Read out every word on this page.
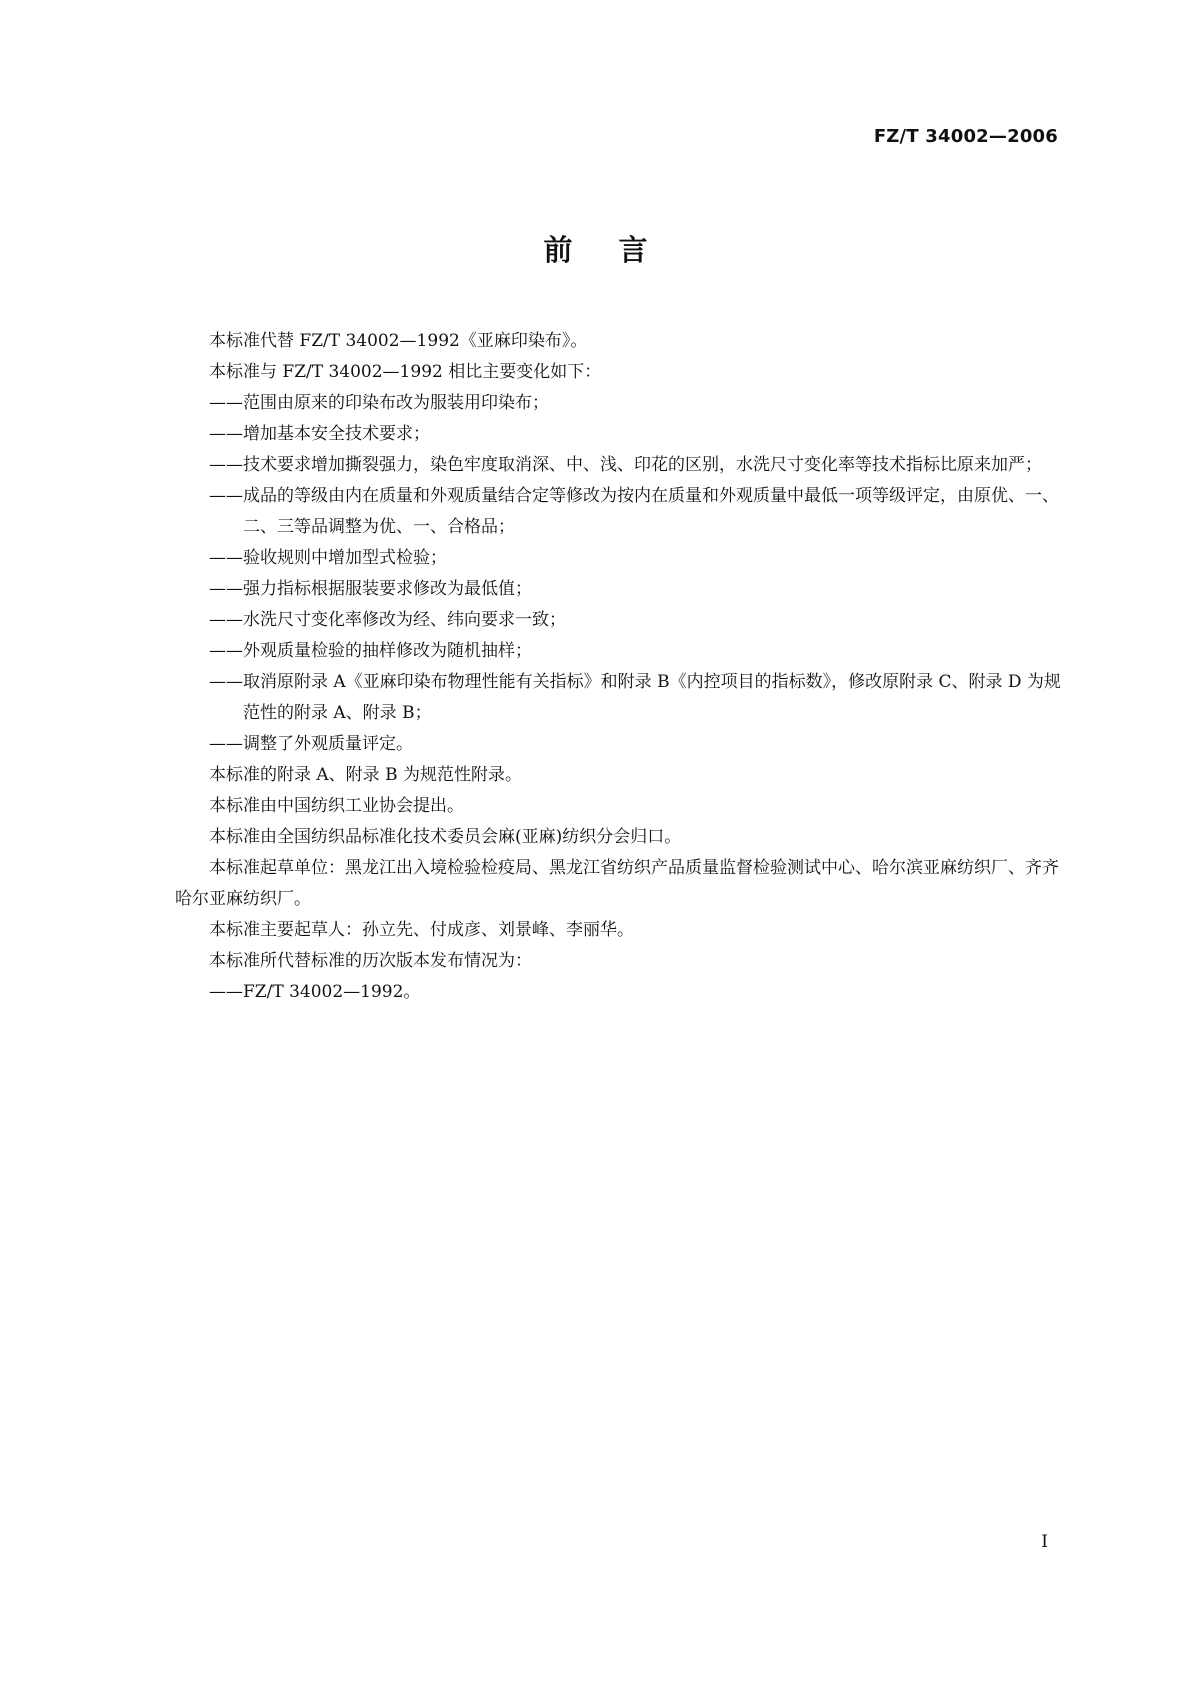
FZ/T 34002—2006
前言

本标准代替 FZ/T 34002—1992《亚麻印染布》。

本标准与 FZ/T 34002—1992 相比主要变化如下：

——范围由原来的印染布改为服装用印染布；

——增加基本安全技术要求；

——技术要求增加撕裂强力，染色牢度取消深、中、浅、印花的区别，水洗尺寸变化率等技术指标比原来加严；

——成品的等级由内在质量和外观质量结合定等修改为按内在质量和外观质量中最低一项等级评定，由原优、一、二、三等品调整为优、一、合格品；

——验收规则中增加型式检验；

——强力指标根据服装要求修改为最低值；

——水洗尺寸变化率修改为经、纬向要求一致；

——外观质量检验的抽样修改为随机抽样；

——取消原附录 A《亚麻印染布物理性能有关指标》和附录 B《内控项目的指标数》，修改原附录 C、附录 D 为规范性的附录 A、附录 B；

——调整了外观质量评定。

本标准的附录 A、附录 B 为规范性附录。

本标准由中国纺织工业协会提出。

本标准由全国纺织品标准化技术委员会麻(亚麻)纺织分会归口。

本标准起草单位：黑龙江出入境检验检疫局、黑龙江省纺织产品质量监督检验测试中心、哈尔滨亚麻纺织厂、齐齐哈尔亚麻纺织厂。

本标准主要起草人：孙立先、付成彦、刘景峰、李丽华。

本标准所代替标准的历次版本发布情况为：

——FZ/T 34002—1992。

I
